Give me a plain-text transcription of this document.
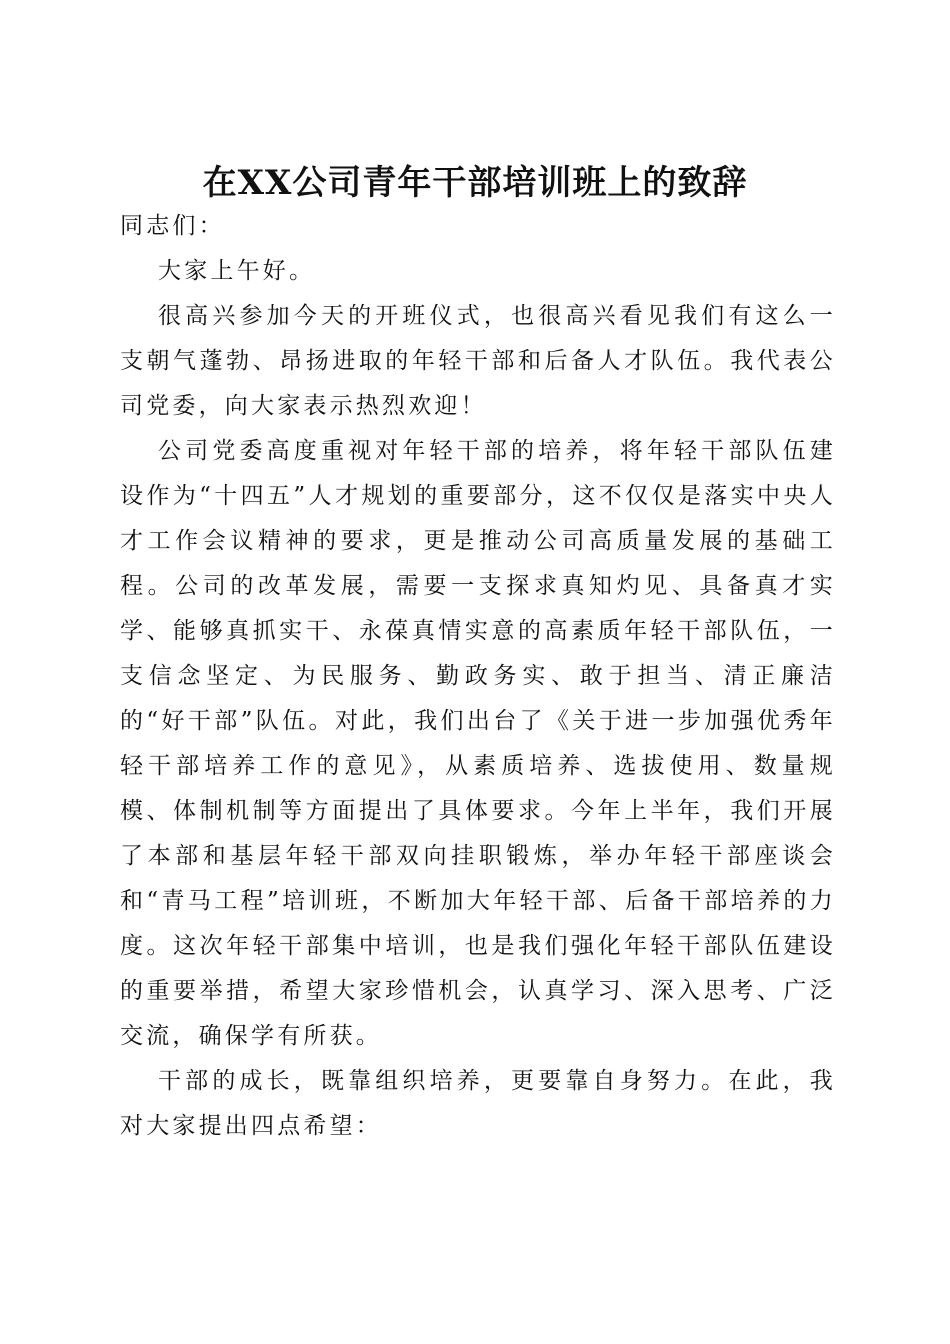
在XX公司青年干部培训班上的致辞

同志们：

大家上午好。

很高兴参加今天的开班仪式，也很高兴看见我们有这么一支朝气蓬勃、昂扬进取的年轻干部和后备人才队伍。我代表公司党委，向大家表示热烈欢迎！

公司党委高度重视对年轻干部的培养，将年轻干部队伍建设作为“十四五”人才规划的重要部分，这不仅仅是落实中央人才工作会议精神的要求，更是推动公司高质量发展的基础工程。公司的改革发展，需要一支探求真知灼见、具备真才实学、能够真抓实干、永葆真情实意的高素质年轻干部队伍，一支信念坚定、为民服务、勤政务实、敢于担当、清正廉洁的“好干部”队伍。对此，我们出台了《关于进一步加强优秀年轻干部培养工作的意见》，从素质培养、选拔使用、数量规模、体制机制等方面提出了具体要求。今年上半年，我们开展了本部和基层年轻干部双向挂职锻炼，举办年轻干部座谈会和“青马工程”培训班，不断加大年轻干部、后备干部培养的力度。这次年轻干部集中培训，也是我们强化年轻干部队伍建设的重要举措，希望大家珍惜机会，认真学习、深入思考、广泛交流，确保学有所获。

干部的成长，既靠组织培养，更要靠自身努力。在此，我对大家提出四点希望：
